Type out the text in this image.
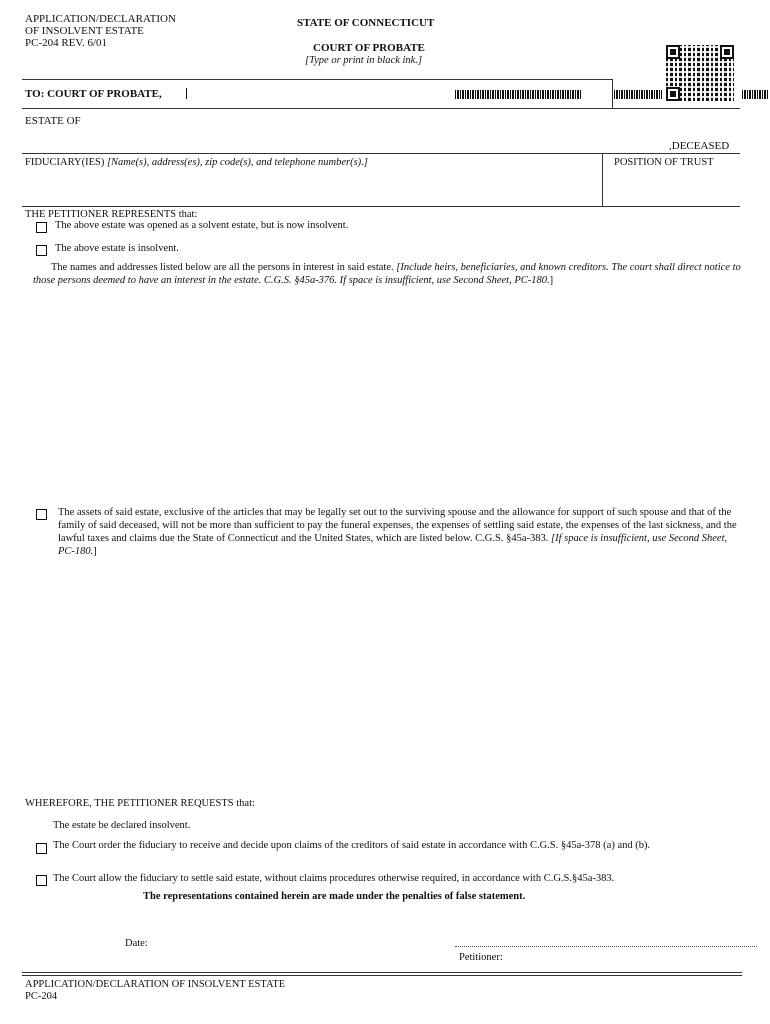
APPLICATION/DECLARATION
OF INSOLVENT ESTATE
PC-204 REV. 6/01
STATE OF CONNECTICUT
COURT OF PROBATE
[Type or print in black ink.]
TO: COURT OF PROBATE,
ESTATE OF
,DECEASED
FIDUCIARY(IES) [Name(s), address(es), zip code(s), and telephone number(s).]	POSITION OF TRUST
THE PETITIONER REPRESENTS that:
The above estate was opened as a solvent estate, but is now insolvent.
The above estate is insolvent.
The names and addresses listed below are all the persons in interest in said estate. [Include heirs, beneficiaries, and known creditors. The court shall direct notice to those persons deemed to have an interest in the estate. C.G.S. §45a-376. If space is insufficient, use Second Sheet, PC-180.]
The assets of said estate, exclusive of the articles that may be legally set out to the surviving spouse and the allowance for support of such spouse and that of the family of said deceased, will not be more than sufficient to pay the funeral expenses, the expenses of settling said estate, the expenses of the last sickness, and the lawful taxes and claims due the State of Connecticut and the United States, which are listed below. C.G.S. §45a-383. [If space is insufficient, use Second Sheet, PC-180.]
WHEREFORE, THE PETITIONER REQUESTS that:
The estate be declared insolvent.
The Court order the fiduciary to receive and decide upon claims of the creditors of said estate in accordance with C.G.S. §45a-378 (a) and (b).
The Court allow the fiduciary to settle said estate, without claims procedures otherwise required, in accordance with C.G.S.§45a-383.
The representations contained herein are made under the penalties of false statement.
Date:
Petitioner:
APPLICATION/DECLARATION OF INSOLVENT ESTATE
PC-204
